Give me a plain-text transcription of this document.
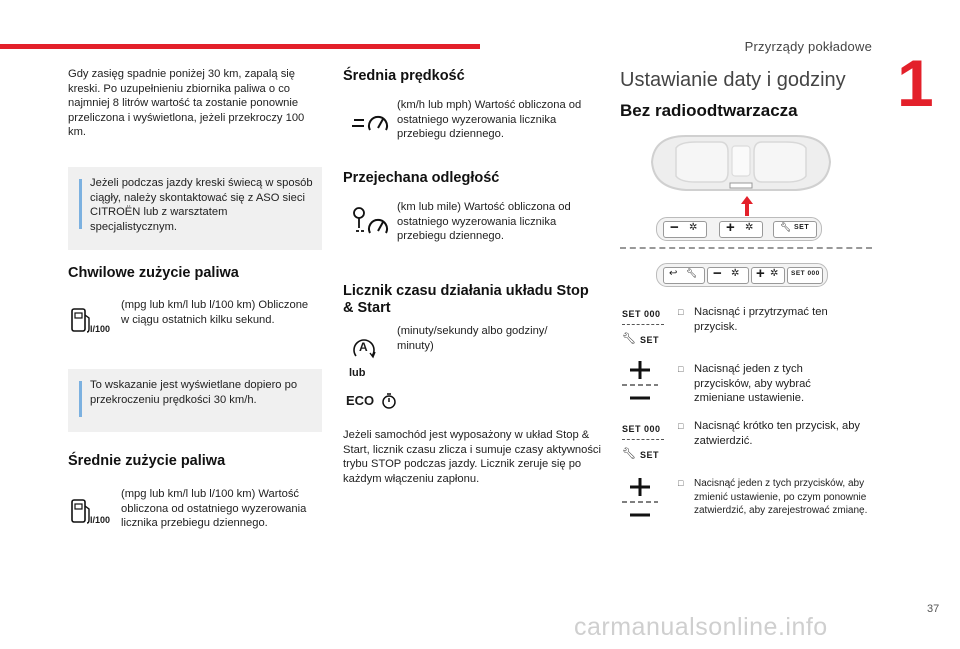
Przyrządy pokładowe 1
Gdy zasięg spadnie poniżej 30 km, zapalą się kreski. Po uzupełnieniu zbiornika paliwa o co najmniej 8 litrów wartość ta zostanie ponownie przeliczona i wyświetlona, jeżeli przekroczy 100 km.
Jeżeli podczas jazdy kreski świecą w sposób ciągły, należy skontaktować się z ASO sieci CITROËN lub z warsztatem specjalistycznym.
Chwilowe zużycie paliwa
l/100
(mpg lub km/l lub l/100 km) Obliczone w ciągu ostatnich kilku sekund.
To wskazanie jest wyświetlane dopiero po przekroczeniu prędkości 30 km/h.
Średnie zużycie paliwa
l/100
(mpg lub km/l lub l/100 km) Wartość obliczona od ostatniego wyzerowania licznika przebiegu dziennego.
Średnia prędkość
(km/h lub mph) Wartość obliczona od ostatniego wyzerowania licznika przebiegu dziennego.
Przejechana odległość
(km lub mile) Wartość obliczona od ostatniego wyzerowania licznika przebiegu dziennego.
Licznik czasu działania układu Stop & Start
A
(minuty/sekundy albo godziny/ minuty)
lub
ECO
Jeżeli samochód jest wyposażony w układ Stop & Start, licznik czasu zlicza i sumuje czasy aktywności trybu STOP podczas jazdy. Licznik zeruje się po każdym włączeniu zapłonu.
Ustawianie daty i godziny
Bez radioodtwarzacza
− ✲ + ✲	🔧︎ SET
↩ 🔧︎ − ✲ + ✲ SET 000
SET 000
🔧︎ SET
□ Nacisnąć i przytrzymać ten przycisk.
□ Nacisnąć jeden z tych przycisków, aby wybrać zmieniane ustawienie.
SET 000
🔧︎ SET
□ Nacisnąć krótko ten przycisk, aby zatwierdzić.
□ Nacisnąć jeden z tych przycisków, aby zmienić ustawienie, po czym ponownie zatwierdzić, aby zarejestrować zmianę.
37
carmanualsonline.info
